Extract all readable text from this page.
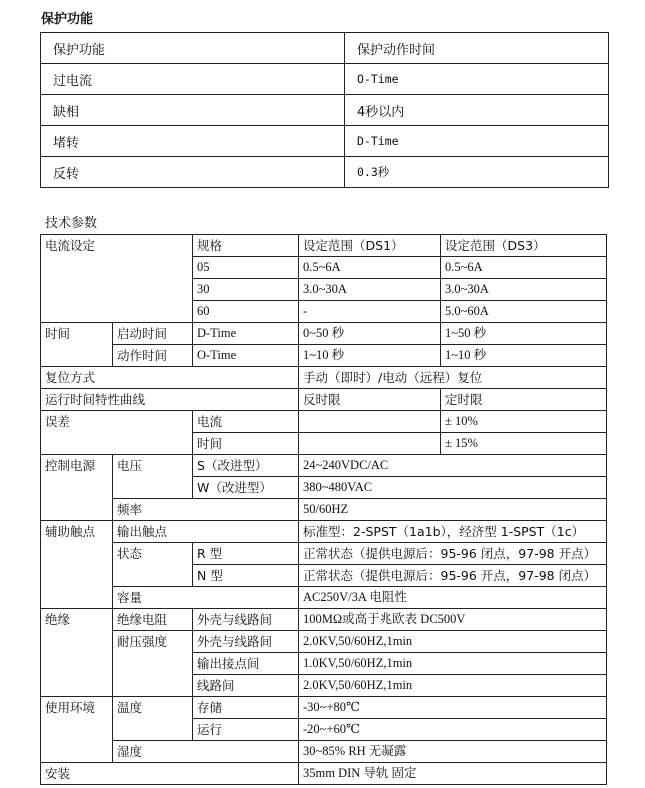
保护功能
保护功能	保护动作时间
过电流	O-Time
缺相	4秒以内
堵转	D-Time
反转	0.3秒
技术参数
电流设定		规格	设定范围（DS1）	设定范围（DS3）
		05	0.5~6A	0.5~6A
		30	3.0~30A	3.0~30A
		60	-	5.0~60A
时间	启动时间	D-Time	0~50 秒	1~50 秒
	动作时间	O-Time	1~10 秒	1~10 秒
复位方式			手动（即时）/电动（远程）复位	
运行时间特性曲线			反时限	定时限
误差		电流		± 10%
		时间		± 15%
控制电源	电压	S（改进型）	24~240VDC/AC	
		W（改进型）	380~480VAC	
	频率		50/60HZ	
辅助触点	输出触点		标准型：2-SPST（1a1b），经济型 1-SPST（1c）	
	状态	R 型	正常状态（提供电源后：95-96 闭点，97-98 开点）	
		N 型	正常状态（提供电源后：95-96 开点，97-98 闭点）	
	容量		AC250V/3A 电阻性	
绝缘	绝缘电阻	外壳与线路间	100MΩ或高于兆欧表 DC500V	
	耐压强度	外壳与线路间	2.0KV,50/60HZ,1min	
		输出接点间	1.0KV,50/60HZ,1min	
		线路间	2.0KV,50/60HZ,1min	
使用环境	温度	存储	-30~+80℃	
		运行	-20~+60℃	
	湿度		30~85% RH 无凝露	
安装			35mm DIN 导轨 固定	
